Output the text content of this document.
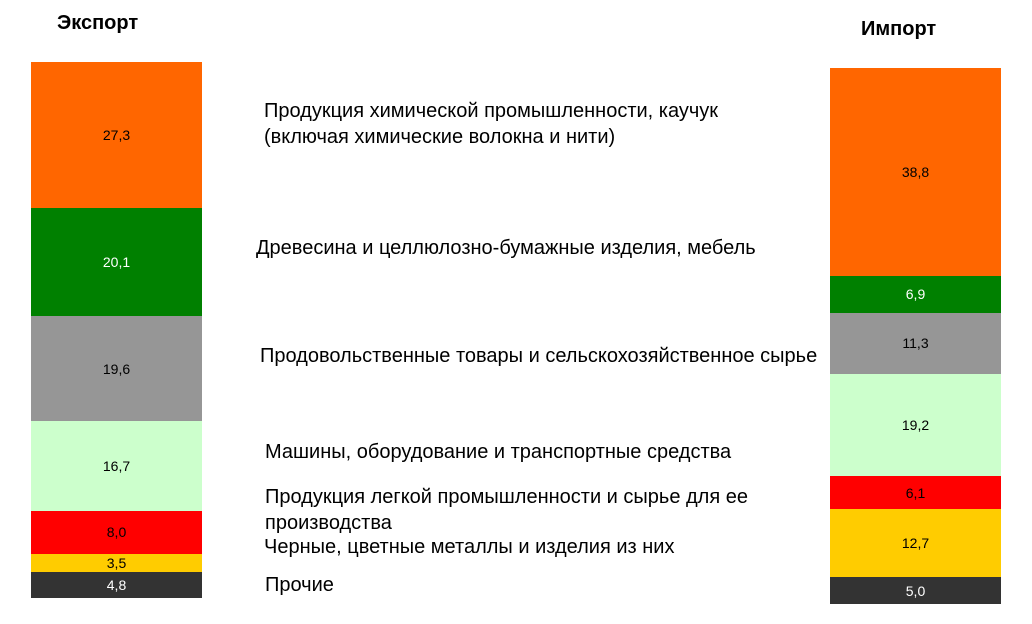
Экспорт	Импорт
27,3
20,1
19,6
16,7
8,0
3,5
4,8
38,8
6,9
11,3
19,2
6,1
12,7
5,0
Продукция химической промышленности, каучук (включая химические волокна и нити)
Древесина и целлюлозно-бумажные изделия, мебель
Продовольственные товары и сельскохозяйственное сырье
Машины, оборудование и транспортные средства
Продукция легкой промышленности и сырье для ее производства
Черные, цветные металлы и изделия из них
Прочие
